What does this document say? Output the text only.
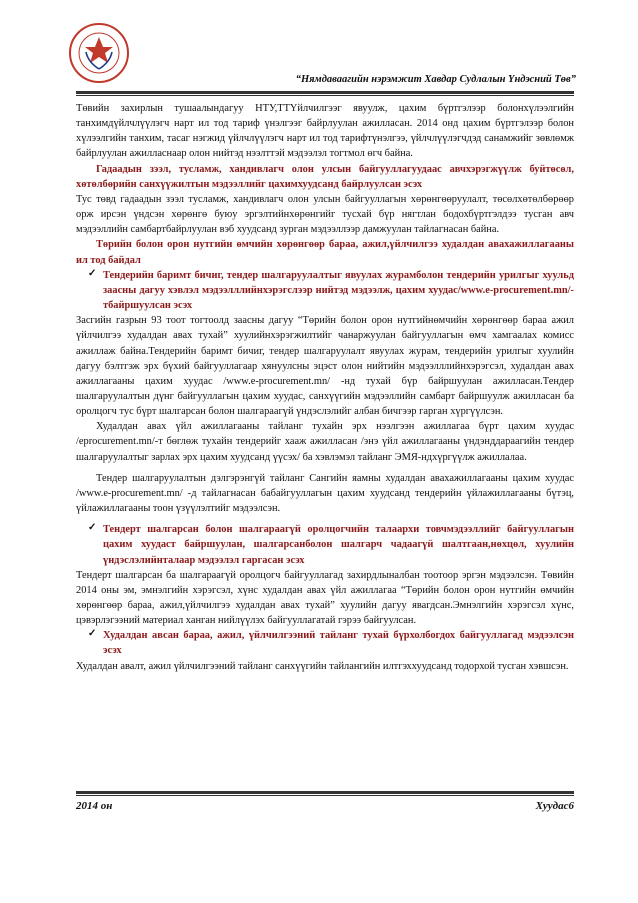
“Нямдаваагийн нэрэмжит Хавдар Судлалын Үндэсний Төв”

Төвийн захирлын тушаалындагуу НТУ,ТТҮйлчилгээг явуулж, цахим бүртгэлээр болонхүлээлгийн танхимдүйлчлүүлэгч нарт ил тод тариф үнэлгээг байрлуулан ажилласан. 2014 онд цахим бүртгэлээр болон хүлээлгийн танхим, тасаг нэгжид үйлчлүүлэгч нарт ил тод тарифтүнэлгээ, үйлчлүүлэгчдэд санамжийг зөвлөмж байрлуулан ажилласнаар олон нийтэд нээлттэй мэдээлэл тогтмол өгч байна.

Гадаадын зээл, тусламж, хандивлагч олон улсын байгууллагуудаас авчхэрэгжүүлж буйтөсөл, хөтөлбөрийн санхүүжилтын мэдээллийг цахимхуудсанд байрлуулсан эсэх

Тус төвд гадаадын зээл тусламж, хандивлагч олон улсын байгууллагын хөрөнгөөруулалт, төсөлхөтөлбөрөөр орж ирсэн үндсэн хөрөнгө буюу эргэлтийнхөрөнгийг тусхай бүр нягтлан бодохбүртгэлдээ тусган авч мэдээллийн самбартбайрлуулан вэб хуудсанд зурган мэдээллээр дамжуулан тайлагнасан байна.

Төрийн болон орон нутгийн өмчийн хөрөнгөөр бараа, ажил,үйлчилгээ худалдан авахажиллагааны ил тод байдал

✓ Тендерийн баримт бичиг, тендер шалгаруулалтыг явуулах журамболон тендерийн урилгыг хуульд заасны дагуу хэвлэл мэдээлллийнхэрэгслээр нийтэд мэдээлж, цахим хуудас/www.e-procurement.mn/-тбайршуулсан эсэх

Засгийн газрын 93 тоот тогтоолд заасны дагуу “Төрийн болон орон нутгийнөмчийн хөрөнгөөр бараа ажил үйлчилгээ худалдан авах тухай” хуулийнхэрэгжилтийг чанаржуулан байгууллагын өмч хамгаалах комисс ажиллаж байна.Тендерийн баримт бичиг, тендер шалгаруулалт явуулах журам, тендерийн урилгыг хуулийн дагуу бэлтгэж эрх бүхий байгууллагаар хянуулсны эцэст олон нийтийн мэдээлллийнхэрэгсэл, худалдан авах ажиллагааны цахим хуудас /www.e-procurement.mn/ -нд тухай бүр байршуулан ажилласан.Тендер шалгаруулалтын дүнг байгууллагын цахим хуудас, санхүүгийн мэдээллийн самбарт байршуулж ажилласан ба оролцогч тус бүрт шалгарсан болон шалгараагүй үндэслэлийг албан бичгээр гарган хүргүүлсэн.

Худалдан авах үйл ажиллагааны тайланг тухайн эрх нээлгээн ажиллагаа бүрт цахим хуудас /eprocurement.mn/-т бөглөж тухайн тендерийг хааж ажилласан /энэ үйл ажиллагааны үндэнддараагийн тендер шалгаруулалтыг зарлах эрх цахим хуудсанд үүсэх/ ба хэвлэмэл тайланг ЭМЯ-ндхүргүүлж ажиллалаа.

Тендер шалгаруулалтын дэлгэрэнгүй тайланг Сангийн яамны худалдан авахажиллагааны цахим хуудас /www.e-procurement.mn/ -д тайлагнасан бабайгууллагын цахим хуудсанд тендерийн үйлажиллагааны бүтэц, үйлажиллагааны тоон үзүүлэлтийг мэдээлсэн.

✓ Тендерт шалгарсан болон шалгараагүй оролцогчийн талаархи товчмэдээллийг байгууллагын цахим хуудаст байршуулан, шалгарсанболон шалгарч чадаагүй шалтгаан,нөхцөл, хуулийн үндэслэлийнталаар мэдээлэл гаргасан эсэх

Тендерт шалгарсан ба шалгараагүй оролцогч байгууллагад захирдлыналбан тоотоор эргэн мэдээлсэн. Төвийн 2014 оны эм, эмнэлгийн хэрэгсэл, хүнс худалдан авах үйл ажиллагаа “Төрийн болон орон нутгийн өмчийн хөрөнгөөр бараа, ажил,үйлчилгээ худалдан авах тухай” хуулийн дагуу явагдсан.Эмнэлгийн хэрэгсэл хүнс, цэвэрлэгээний материал ханган нийлүүлэх байгууллагатай гэрээ байгуулсан.

✓ Худалдан авсан бараа, ажил, үйлчилгээний тайланг тухай бүрхолбогдох байгууллагад мэдээлсэн эсэх

Худалдан авалт, ажил үйлчилгээний тайланг санхүүгийн тайлангийн илтгэххуудсанд тодорхой тусган хэвшсэн.

2014 он	Хуудас6
